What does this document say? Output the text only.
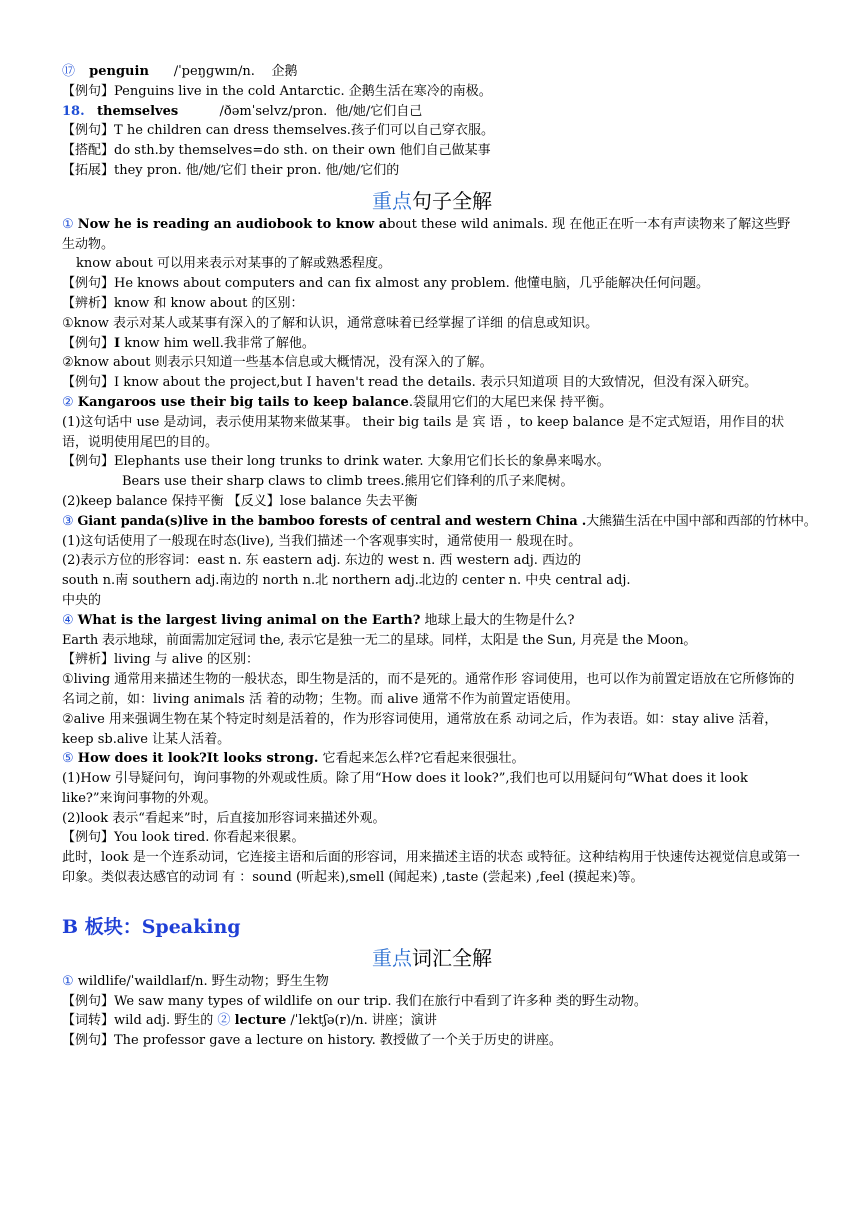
⑰ penguin /ˈpeŋɡwɪn/n. 企鹅
【例句】Penguins live in the cold Antarctic. 企鹅生活在寒冷的南极。
18. themselves	/ðəmˈselvz/pron. 他/她/它们自己
【例句】T he children can dress themselves.孩子们可以自己穿衣服。
【搭配】do sth.by themselves=do sth. on their own 他们自己做某事
【拓展】they pron. 他/她/它们 their pron. 他/她/它们的
重点句子全解
① Now he is reading an audiobook to know about these wild animals. 现 在他正在听一本有声读物来了解这些野生动物。
know about 可以用来表示对某事的了解或熟悉程度。
【例句】He knows about computers and can fix almost any problem. 他懂电脑，几乎能解决任何问题。
【辨析】know 和 know about 的区别：
①know 表示对某人或某事有深入的了解和认识，通常意味着已经掌握了详细 的信息或知识。
【例句】I know him well.我非常了解他。
②know about 则表示只知道一些基本信息或大概情况，没有深入的了解。
【例句】I know about the project,but I haven't read the details. 表示只知道项 目的大致情况，但没有深入研究。
② Kangaroos use their big tails to keep balance.袋鼠用它们的大尾巴来保 持平衡。
(1)这句话中 use 是动词，表示使用某物来做某事。 their big tails 是 宾 语 ，to keep balance 是不定式短语，用作目的状语，说明使用尾巴的目的。
【例句】Elephants use their long trunks to drink water. 大象用它们长长的象鼻来喝水。
Bears use their sharp claws to climb trees.熊用它们锋利的爪子来爬树。
(2)keep balance 保持平衡 【反义】lose balance 失去平衡
③ Giant panda(s)live in the bamboo forests of central and western China .大熊猫生活在中国中部和西部的竹林中。
(1)这句话使用了一般现在时态(live), 当我们描述一个客观事实时，通常使用一 般现在时。
(2)表示方位的形容词：east n. 东 eastern adj. 东边的 west n. 西 western adj. 西边的
south n.南 southern adj.南边的 north n.北 northern adj.北边的 center n. 中央 central adj.
中央的
④ What is the largest living animal on the Earth? 地球上最大的生物是什么?
Earth 表示地球，前面需加定冠词 the, 表示它是独一无二的星球。同样，太阳是 the Sun, 月亮是 the Moon。
【辨析】living 与 alive 的区别：
①living 通常用来描述生物的一般状态，即生物是活的，而不是死的。通常作形 容词使用，也可以作为前置定语放在它所修饰的名词之前，如：living animals 活 着的动物；生物。而 alive 通常不作为前置定语使用。
②alive 用来强调生物在某个特定时刻是活着的，作为形容词使用，通常放在系 动词之后，作为表语。如：stay alive 活着，keep sb.alive 让某人活着。
⑤ How does it look?It looks strong. 它看起来怎么样?它看起来很强壮。
(1)How 引导疑问句，询问事物的外观或性质。除了用“How does it look?”,我们也可以用疑问句“What does it look like?”来询问事物的外观。
(2)look 表示“看起来”时，后直接加形容词来描述外观。
【例句】You look tired. 你看起来很累。
此时，look 是一个连系动词，它连接主语和后面的形容词，用来描述主语的状态 或特征。这种结构用于快速传达视觉信息或第一 印象。类似表达感官的动词 有 ：sound (听起来),smell (闻起来) ,taste (尝起来) ,feel (摸起来)等。
B 板块：Speaking
重点词汇全解
① wildlife/ˈwaildlaɪf/n. 野生动物；野生生物
【例句】We saw many types of wildlife on our trip. 我们在旅行中看到了许多种 类的野生动物。
【词转】wild adj. 野生的 ② lecture /ˈlektʃə(r)/n. 讲座；演讲
【例句】The professor gave a lecture on history. 教授做了一个关于历史的讲座。
